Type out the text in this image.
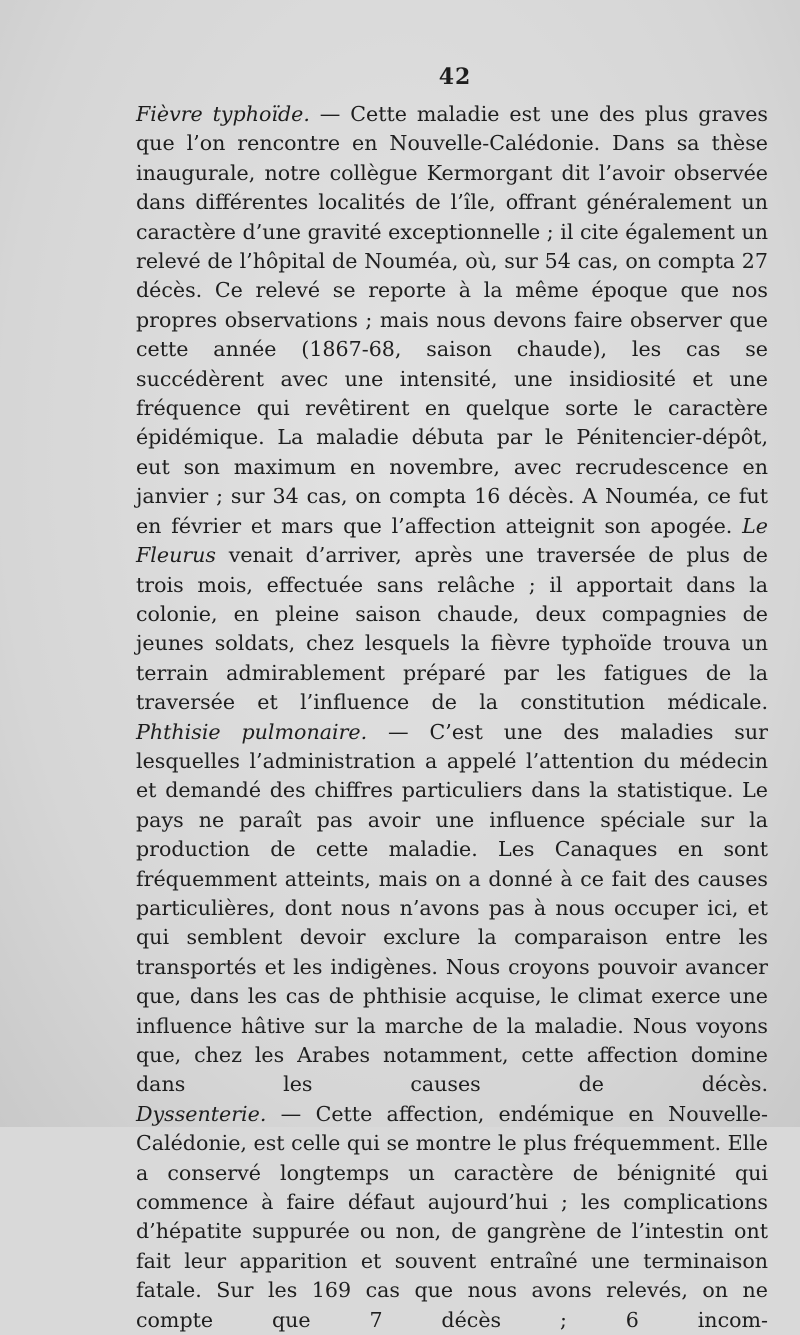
42

Fièvre typhoïde. — Cette maladie est une des plus graves que l’on rencontre en Nouvelle-Calédonie. Dans sa thèse inaugurale, notre collègue Kermorgant dit l’avoir observée dans différentes localités de l’île, offrant généralement un caractère d’une gravité exceptionnelle ; il cite également un relevé de l’hôpital de Nouméa, où, sur 54 cas, on compta 27 décès. Ce relevé se reporte à la même époque que nos propres observations ; mais nous devons faire observer que cette année (1867-68, saison chaude), les cas se succédèrent avec une intensité, une insidiosité et une fréquence qui revêtirent en quelque sorte le caractère épidémique. La maladie débuta par le Pénitencier-dépôt, eut son maximum en novembre, avec recrudescence en janvier ; sur 34 cas, on compta 16 décès. A Nouméa, ce fut en février et mars que l’affection atteignit son apogée. Le Fleurus venait d’arriver, après une traversée de plus de trois mois, effectuée sans relâche ; il apportait dans la colonie, en pleine saison chaude, deux compagnies de jeunes soldats, chez lesquels la fièvre typhoïde trouva un terrain admirablement préparé par les fatigues de la traversée et l’influence de la constitution médicale.

Phthisie pulmonaire. — C’est une des maladies sur lesquelles l’administration a appelé l’attention du médecin et demandé des chiffres particuliers dans la statistique. Le pays ne paraît pas avoir une influence spéciale sur la production de cette maladie. Les Canaques en sont fréquemment atteints, mais on a donné à ce fait des causes particulières, dont nous n’avons pas à nous occuper ici, et qui semblent devoir exclure la comparaison entre les transportés et les indigènes. Nous croyons pouvoir avancer que, dans les cas de phthisie acquise, le climat exerce une influence hâtive sur la marche de la maladie. Nous voyons que, chez les Arabes notamment, cette affection domine dans les causes de décès.

Dyssenterie. — Cette affection, endémique en Nouvelle-Calédonie, est celle qui se montre le plus fréquemment. Elle a conservé longtemps un caractère de bénignité qui commence à faire défaut aujourd’hui ; les complications d’hépatite suppurée ou non, de gangrène de l’intestin ont fait leur apparition et souvent entraîné une terminaison fatale. Sur les 169 cas que nous avons relevés, on ne compte que 7 décès ; 6 incom-
